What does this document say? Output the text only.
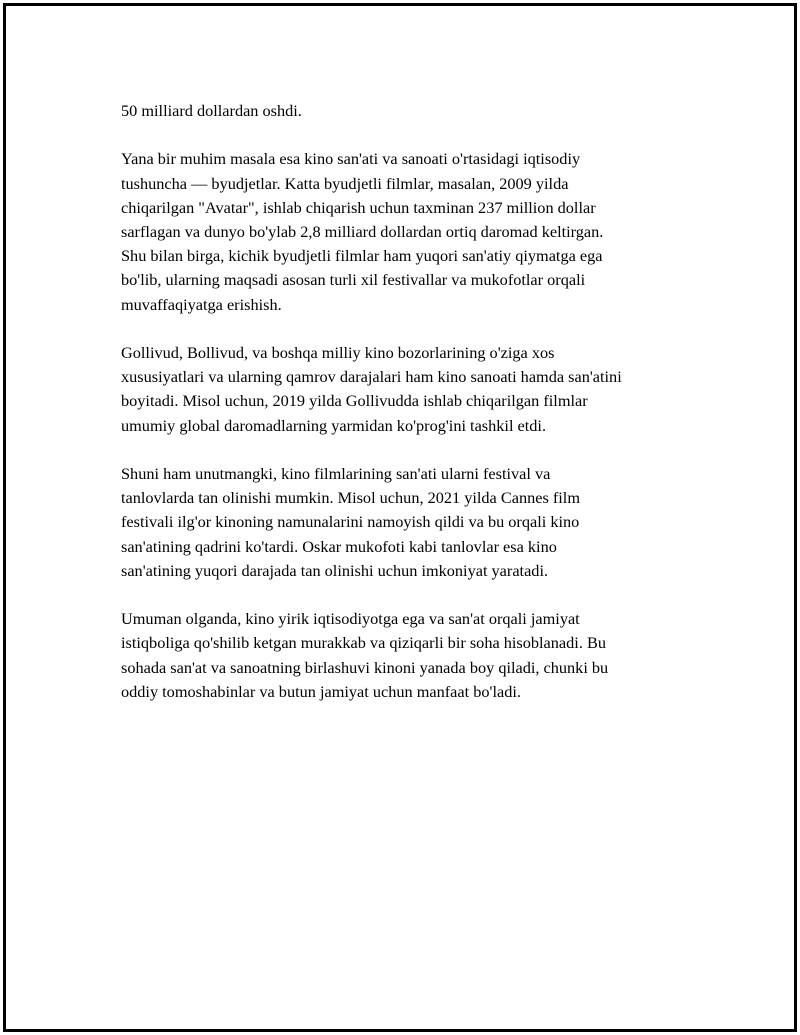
50 milliard dollardan oshdi.

Yana bir muhim masala esa kino san'ati va sanoati o'rtasidagi iqtisodiy
tushuncha — byudjetlar. Katta byudjetli filmlar, masalan, 2009 yilda
chiqarilgan "Avatar", ishlab chiqarish uchun taxminan 237 million dollar
sarflagan va dunyo bo'ylab 2,8 milliard dollardan ortiq daromad keltirgan.
Shu bilan birga, kichik byudjetli filmlar ham yuqori san'atiy qiymatga ega
bo'lib, ularning maqsadi asosan turli xil festivallar va mukofotlar orqali
muvaffaqiyatga erishish.

Gollivud, Bollivud, va boshqa milliy kino bozorlarining o'ziga xos
xususiyatlari va ularning qamrov darajalari ham kino sanoati hamda san'atini
boyitadi. Misol uchun, 2019 yilda Gollivudda ishlab chiqarilgan filmlar
umumiy global daromadlarning yarmidan ko'prog'ini tashkil etdi.

Shuni ham unutmangki, kino filmlarining san'ati ularni festival va
tanlovlarda tan olinishi mumkin. Misol uchun, 2021 yilda Cannes film
festivali ilg'or kinoning namunalarini namoyish qildi va bu orqali kino
san'atining qadrini ko'tardi. Oskar mukofoti kabi tanlovlar esa kino
san'atining yuqori darajada tan olinishi uchun imkoniyat yaratadi.

Umuman olganda, kino yirik iqtisodiyotga ega va san'at orqali jamiyat
istiqboliga qo'shilib ketgan murakkab va qiziqarli bir soha hisoblanadi. Bu
sohada san'at va sanoatning birlashuvi kinoni yanada boy qiladi, chunki bu
oddiy tomoshabinlar va butun jamiyat uchun manfaat bo'ladi.
